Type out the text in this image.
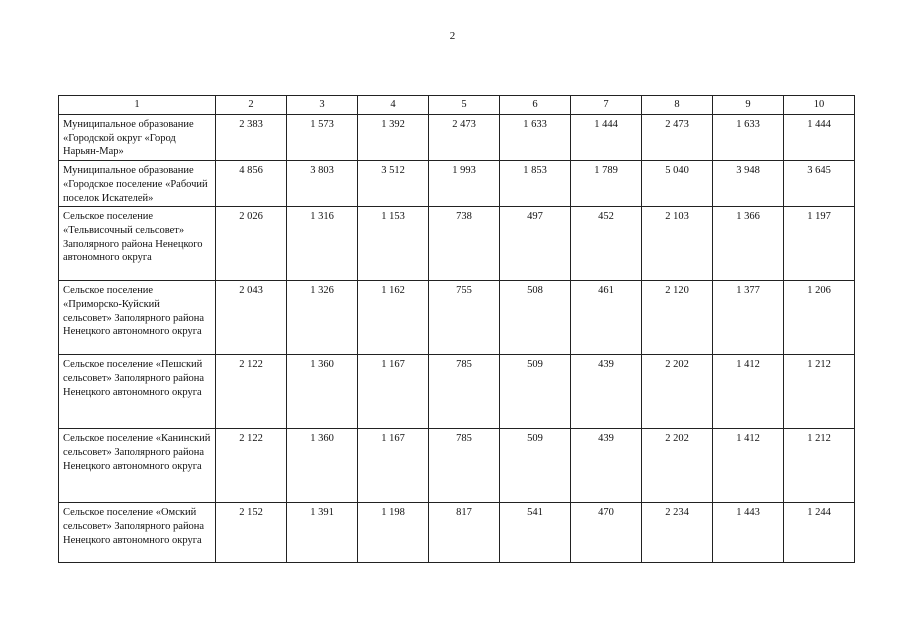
2
1	2	3	4	5	6	7	8	9	10
Муниципальное образование «Городской округ «Город Нарьян-Мар»	2 383	1 573	1 392	2 473	1 633	1 444	2 473	1 633	1 444
Муниципальное образование «Городское поселение «Рабочий поселок Искателей»	4 856	3 803	3 512	1 993	1 853	1 789	5 040	3 948	3 645
Сельское поселение «Тельвисочный сельсовет» Заполярного района Ненецкого автономного округа	2 026	1 316	1 153	738	497	452	2 103	1 366	1 197
Сельское поселение «Приморско-Куйский сельсовет» Заполярного района Ненецкого автономного округа	2 043	1 326	1 162	755	508	461	2 120	1 377	1 206
Сельское поселение «Пешский сельсовет» Заполярного района Ненецкого автономного округа	2 122	1 360	1 167	785	509	439	2 202	1 412	1 212
Сельское поселение «Канинский сельсовет» Заполярного района Ненецкого автономного округа	2 122	1 360	1 167	785	509	439	2 202	1 412	1 212
Сельское поселение «Омский сельсовет» Заполярного района Ненецкого автономного округа	2 152	1 391	1 198	817	541	470	2 234	1 443	1 244
